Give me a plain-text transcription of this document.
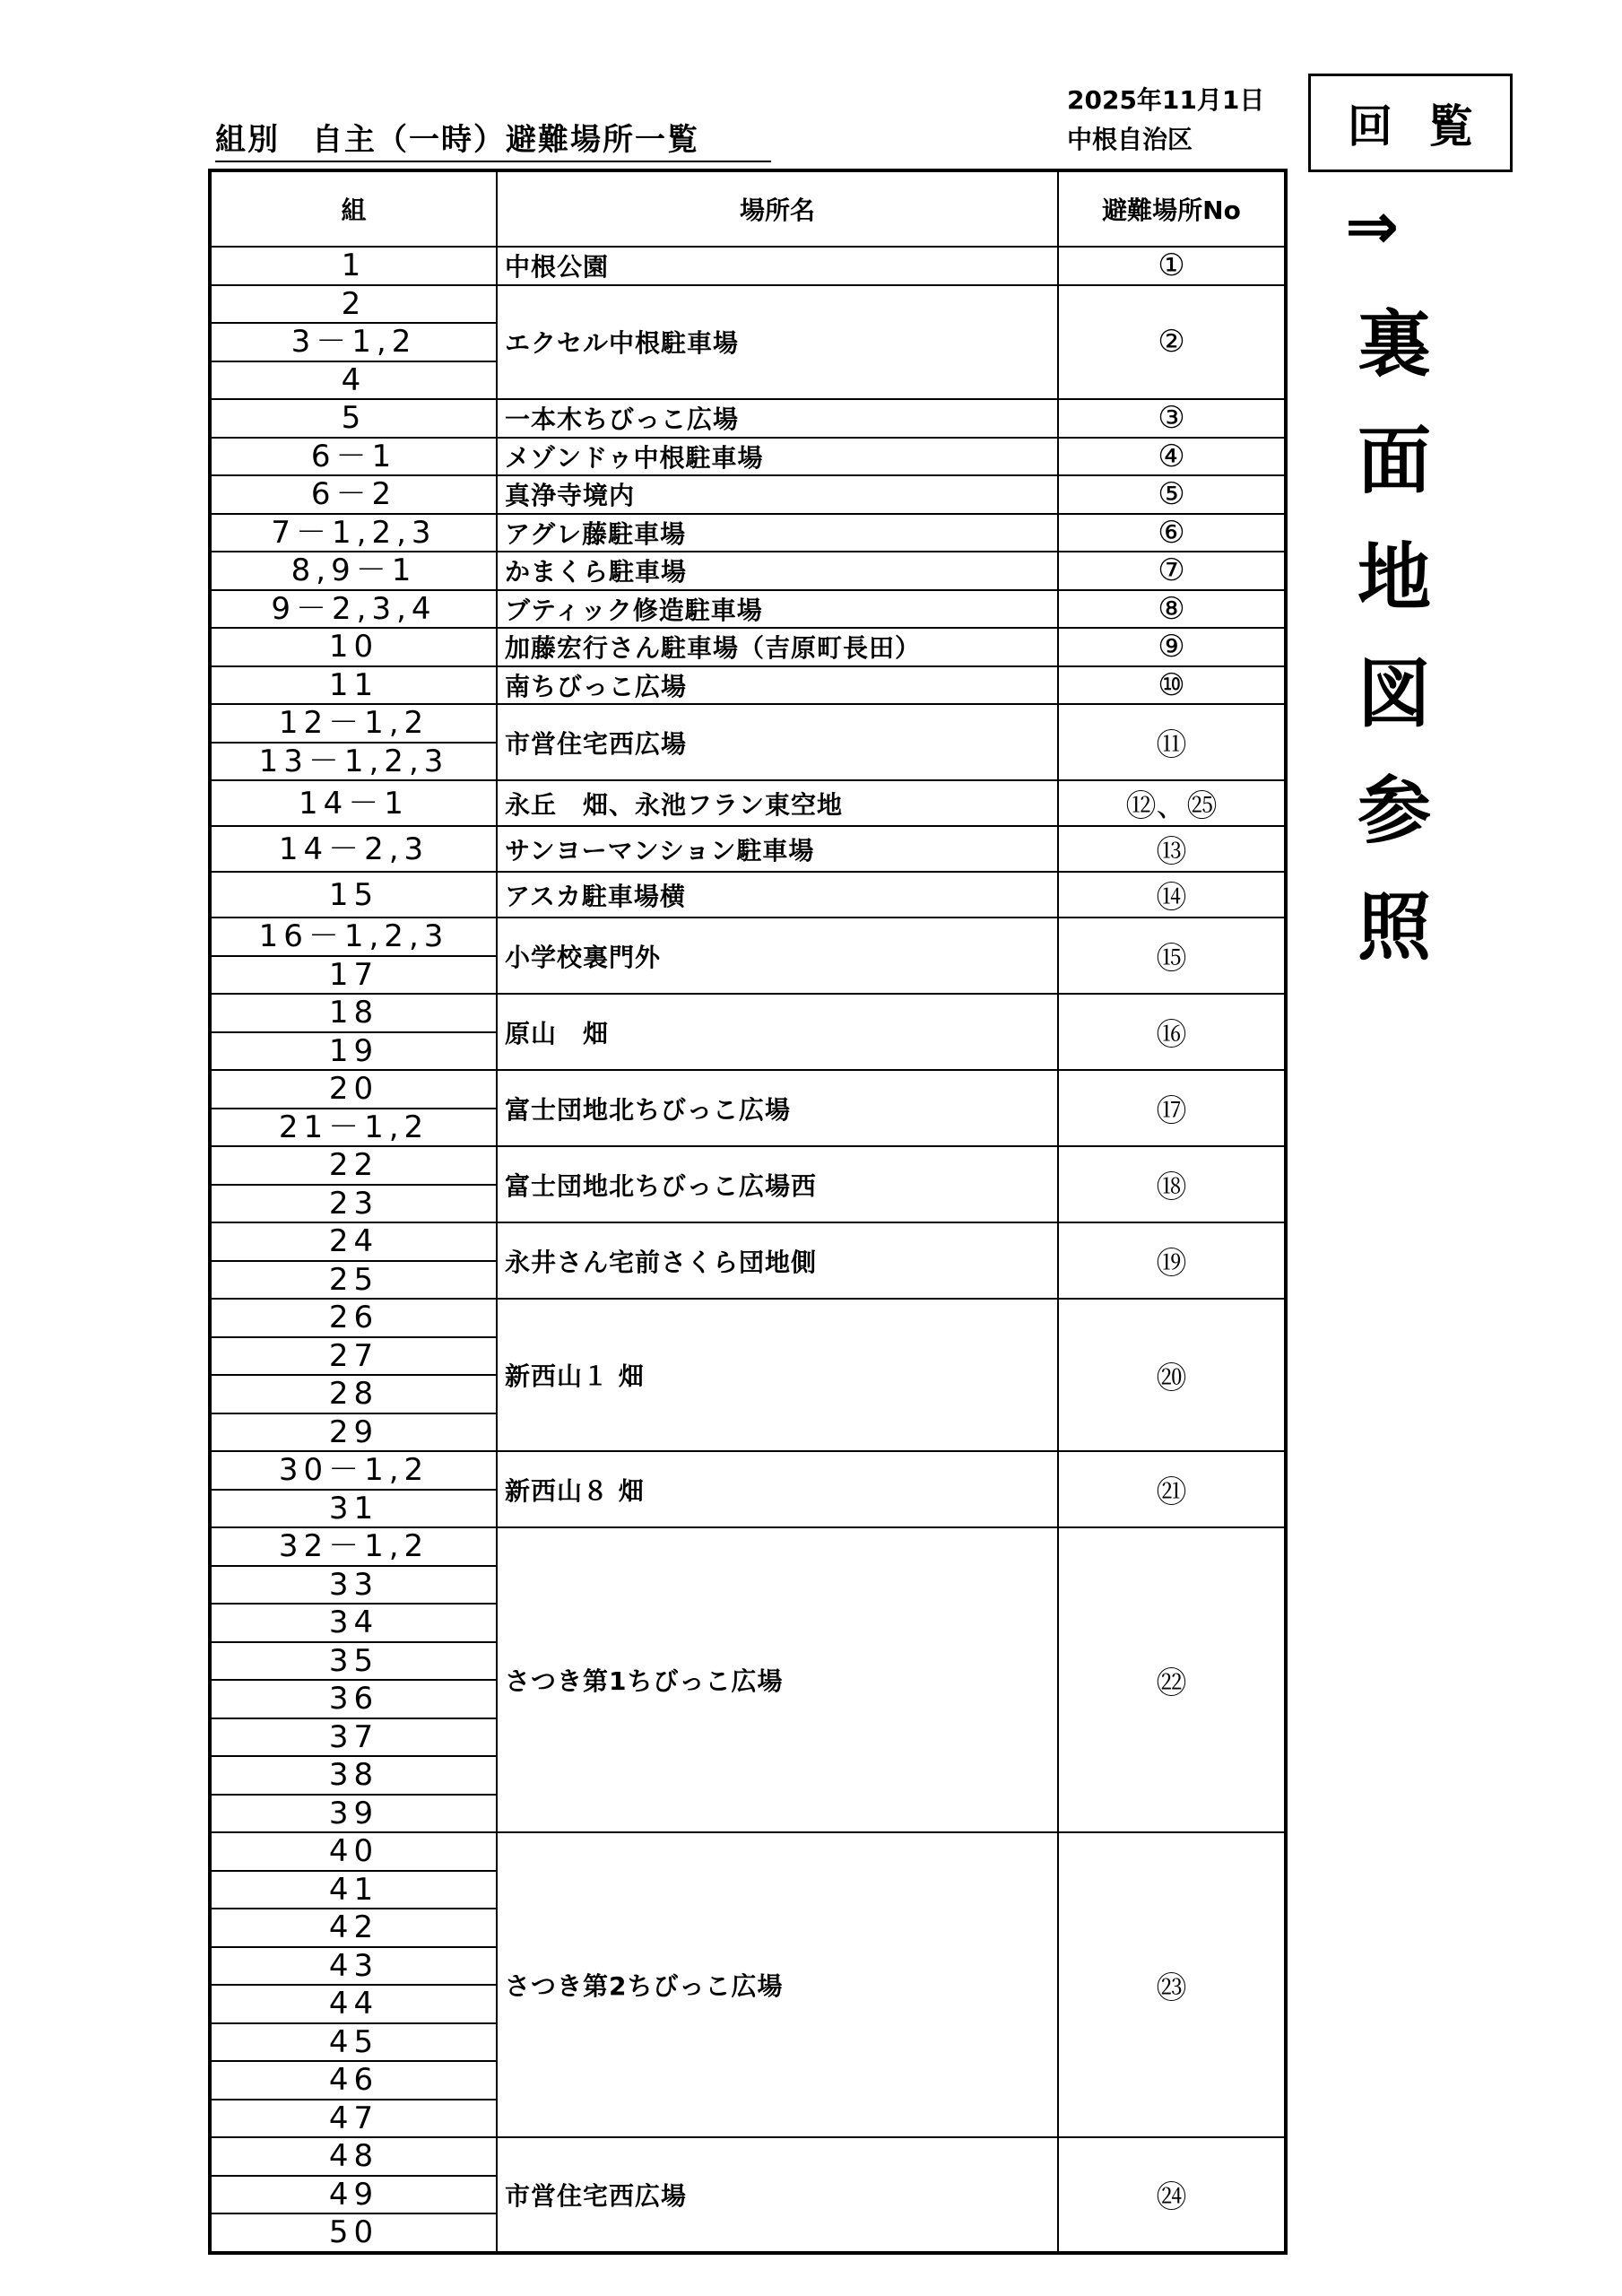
組別　自主（一時）避難場所一覧
2025年11月1日
中根自治区	回覧
⇒
裏
面
地
図
参
照
組	場所名	避難場所No
1	中根公園	①
2	エクセル中根駐車場	②
3－1,2		
4		
5	一本木ちびっこ広場	③
6－1	メゾンドゥ中根駐車場	④
6－2	真浄寺境内	⑤
7－1,2,3	アグレ藤駐車場	⑥
8,9－1	かまくら駐車場	⑦
9－2,3,4	ブティック修造駐車場	⑧
10	加藤宏行さん駐車場（吉原町長田）	⑨
11	南ちびっこ広場	⑩
12－1,2	市営住宅西広場	⑪
13－1,2,3		
14－1	永丘　畑、永池フラン東空地	⑫、㉕
14－2,3	サンヨーマンション駐車場	⑬
15	アスカ駐車場横	⑭
16－1,2,3	小学校裏門外	⑮
17		
18	原山　畑	⑯
19		
20	富士団地北ちびっこ広場	⑰
21－1,2		
22	富士団地北ちびっこ広場西	⑱
23		
24	永井さん宅前さくら団地側	⑲
25		
26	新西山１ 畑	⑳
27		
28		
29		
30－1,2	新西山８ 畑	㉑
31		
32－1,2	さつき第1ちびっこ広場	㉒
33		
34		
35		
36		
37		
38		
39		
40	さつき第2ちびっこ広場	㉓
41		
42		
43		
44		
45		
46		
47		
48	市営住宅西広場	㉔
49		
50		
